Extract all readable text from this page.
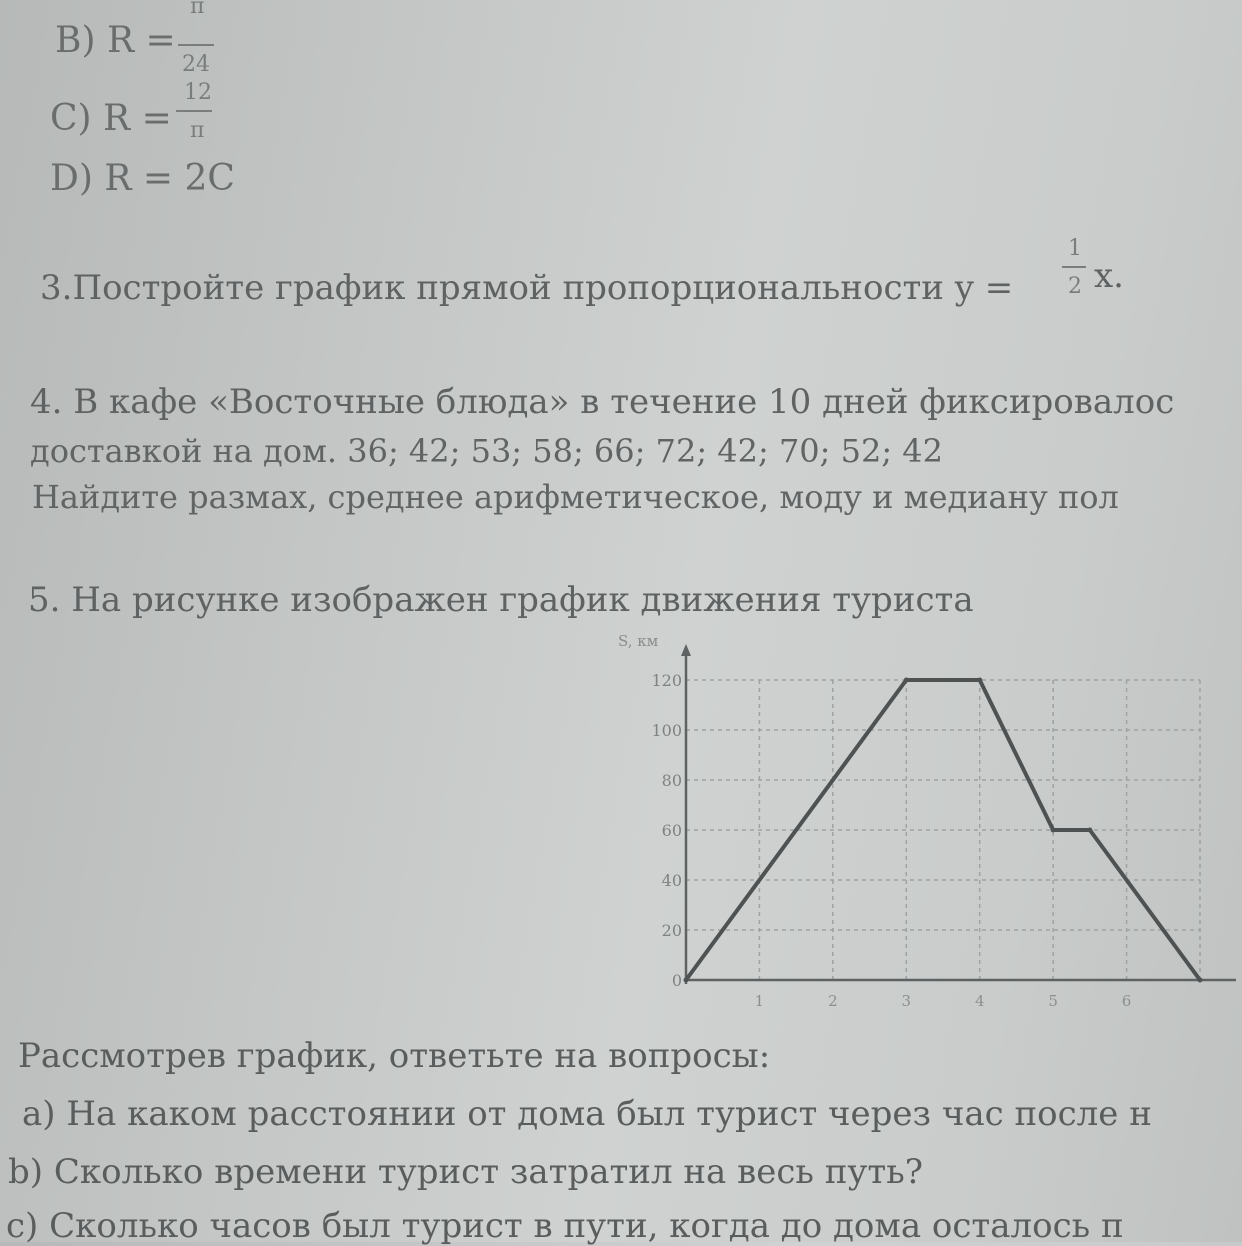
B) R =
π
24
C) R =
12
π
D) R = 2C
3.Постройте график прямой пропорциональности y =
1
2 x.
4. В кафе «Восточные блюда» в течение 10 дней фиксировалос
доставкой на дом. 36; 42; 53; 58; 66; 72; 42; 70; 52; 42
Найдите размах, среднее арифметическое, моду и медиану пол
5. На рисунке изображен график движения туриста
0
20
40
60
80
100
120
1	2	3	4	5	6
S, км
Рассмотрев график, ответьте на вопросы:
a) На каком расстоянии от дома был турист через час после н
b) Сколько времени турист затратил на весь путь?
c) Сколько часов был турист в пути, когда до дома осталось п
